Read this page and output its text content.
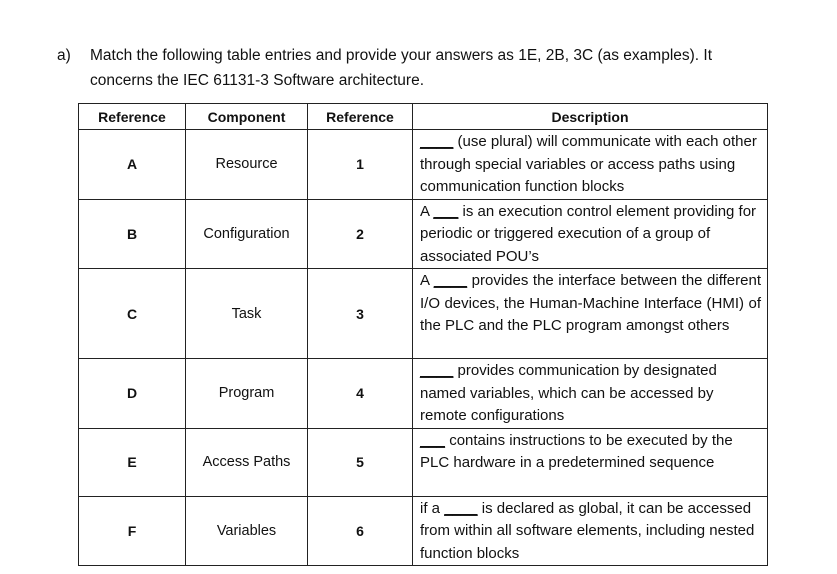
a) Match the following table entries and provide your answers as 1E, 2B, 3C (as examples). It
concerns the IEC 61131-3 Software architecture.
Reference	Component	Reference	Description
A	Resource	1	____ (use plural) will communicate with each other through special variables or access paths using communication function blocks
B	Configuration	2	A ___ is an execution control element providing for periodic or triggered execution of a group of associated POU’s
C	Task	3	A ____ provides the interface between the different I/O devices, the Human-Machine Interface (HMI) of the PLC and the PLC program amongst others
D	Program	4	____ provides communication by designated named variables, which can be accessed by remote configurations
E	Access Paths	5	___ contains instructions to be executed by the PLC hardware in a predetermined sequence
F	Variables	6	if a ____ is declared as global, it can be accessed from within all software elements, including nested function blocks
